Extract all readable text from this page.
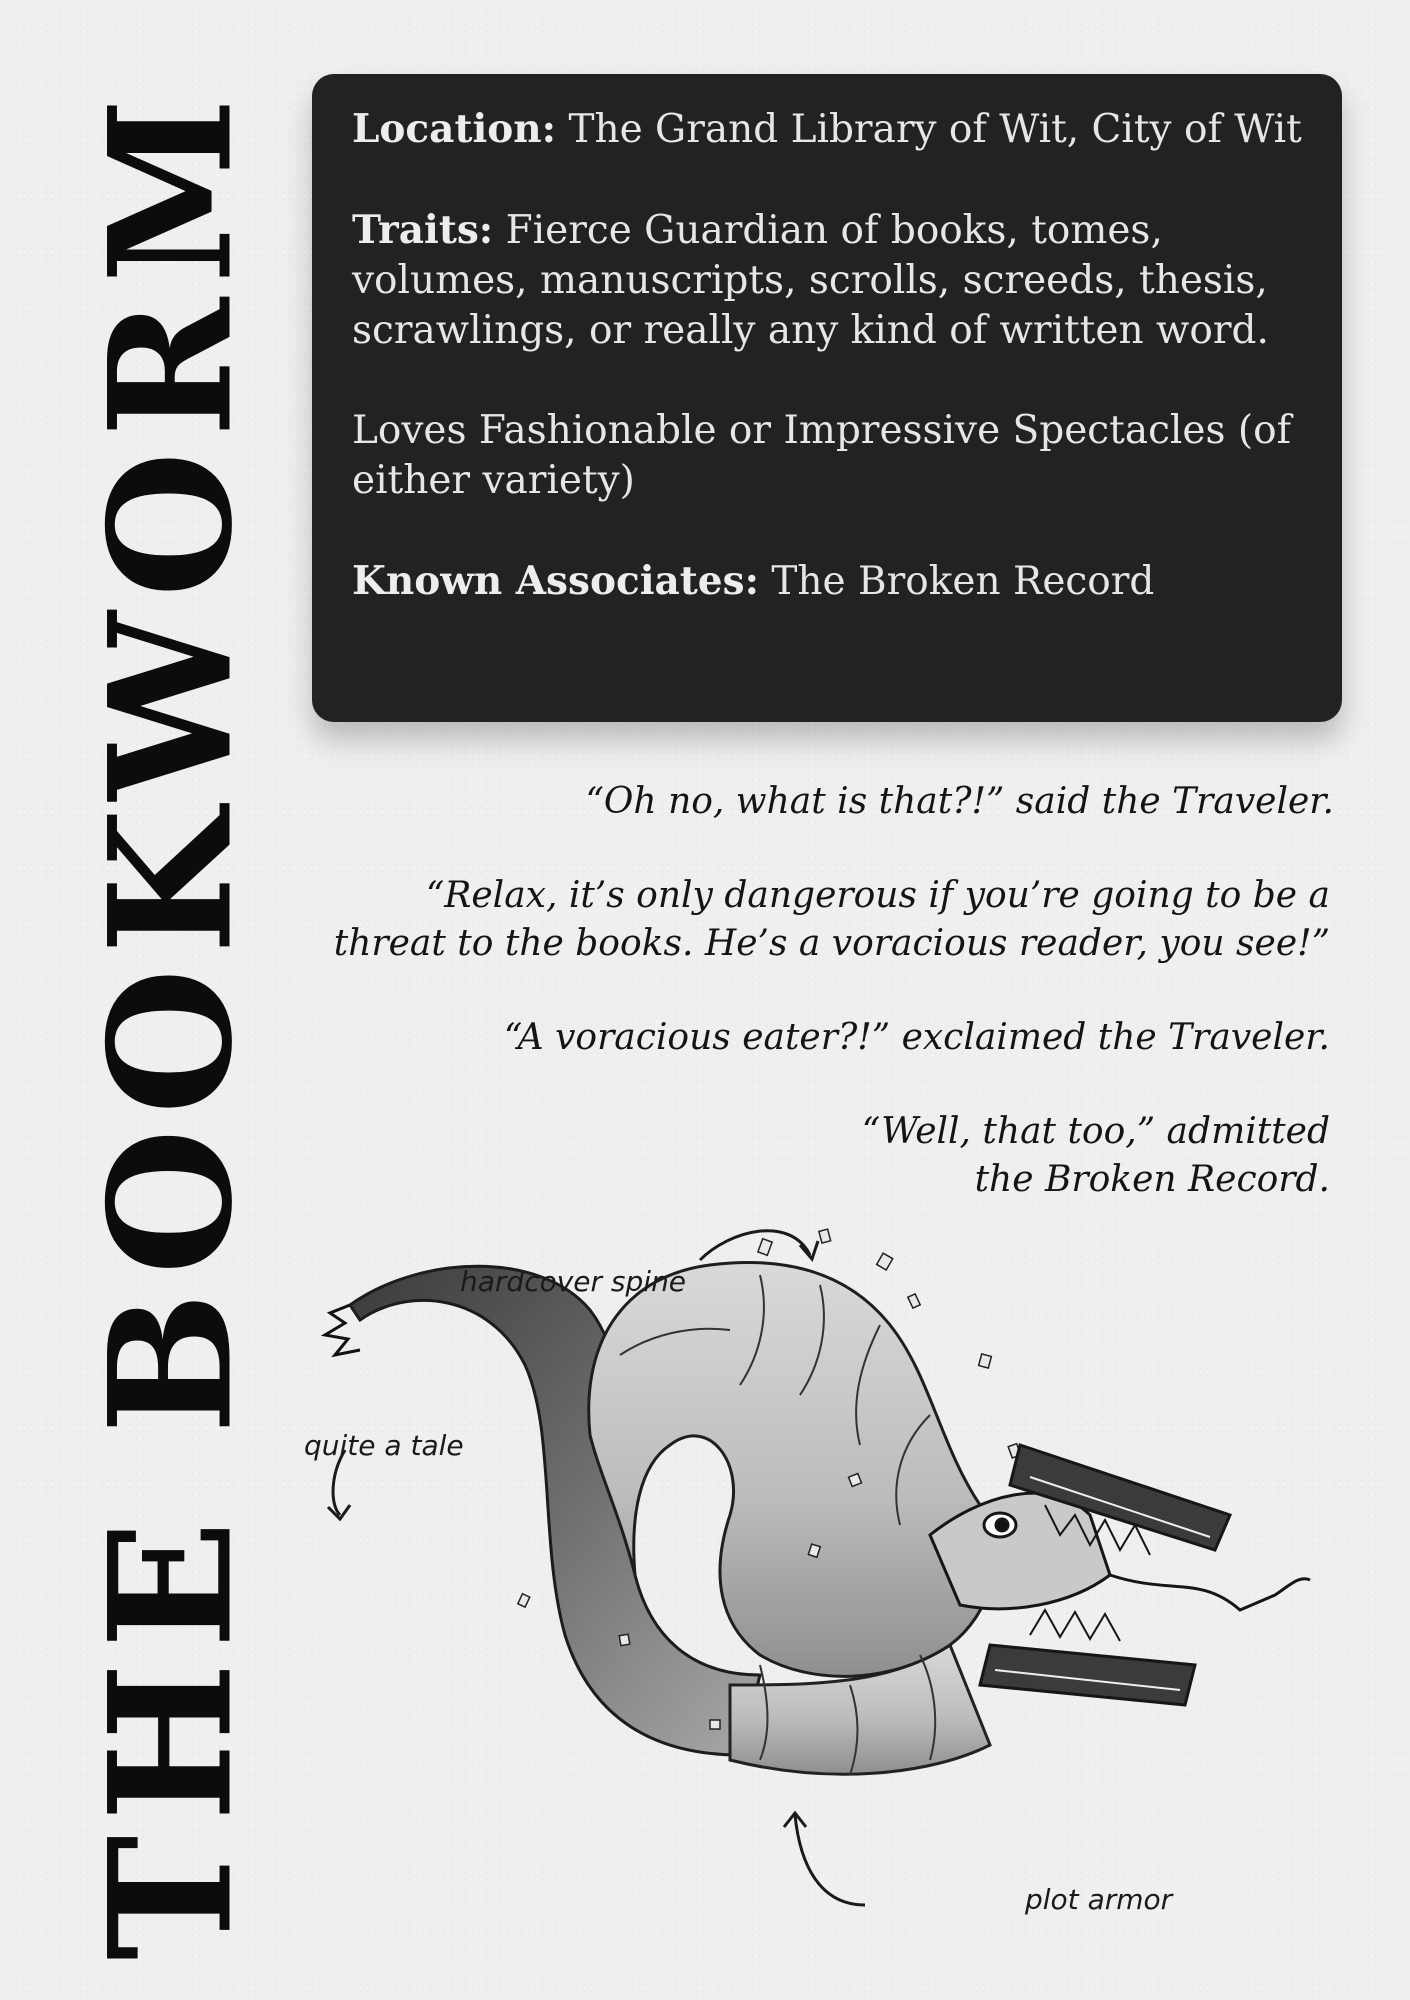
THE BOOKWORM Location: The Grand Library of Wit, City of Wit

Traits: Fierce Guardian of books, tomes, volumes, manuscripts, scrolls, screeds, thesis, scrawlings, or really any kind of written word.

Loves Fashionable or Impressive Spectacles (of either variety)

Known Associates: The Broken Record

“Oh no, what is that?!” said the Traveler.

“Relax, it’s only dangerous if you’re going to be a threat to the books. He’s a voracious reader, you see!”

“A voracious eater?!” exclaimed the Traveler.

“Well, that too,” admitted the Broken Record.

hardcover spine
quite a tale
plot armor
